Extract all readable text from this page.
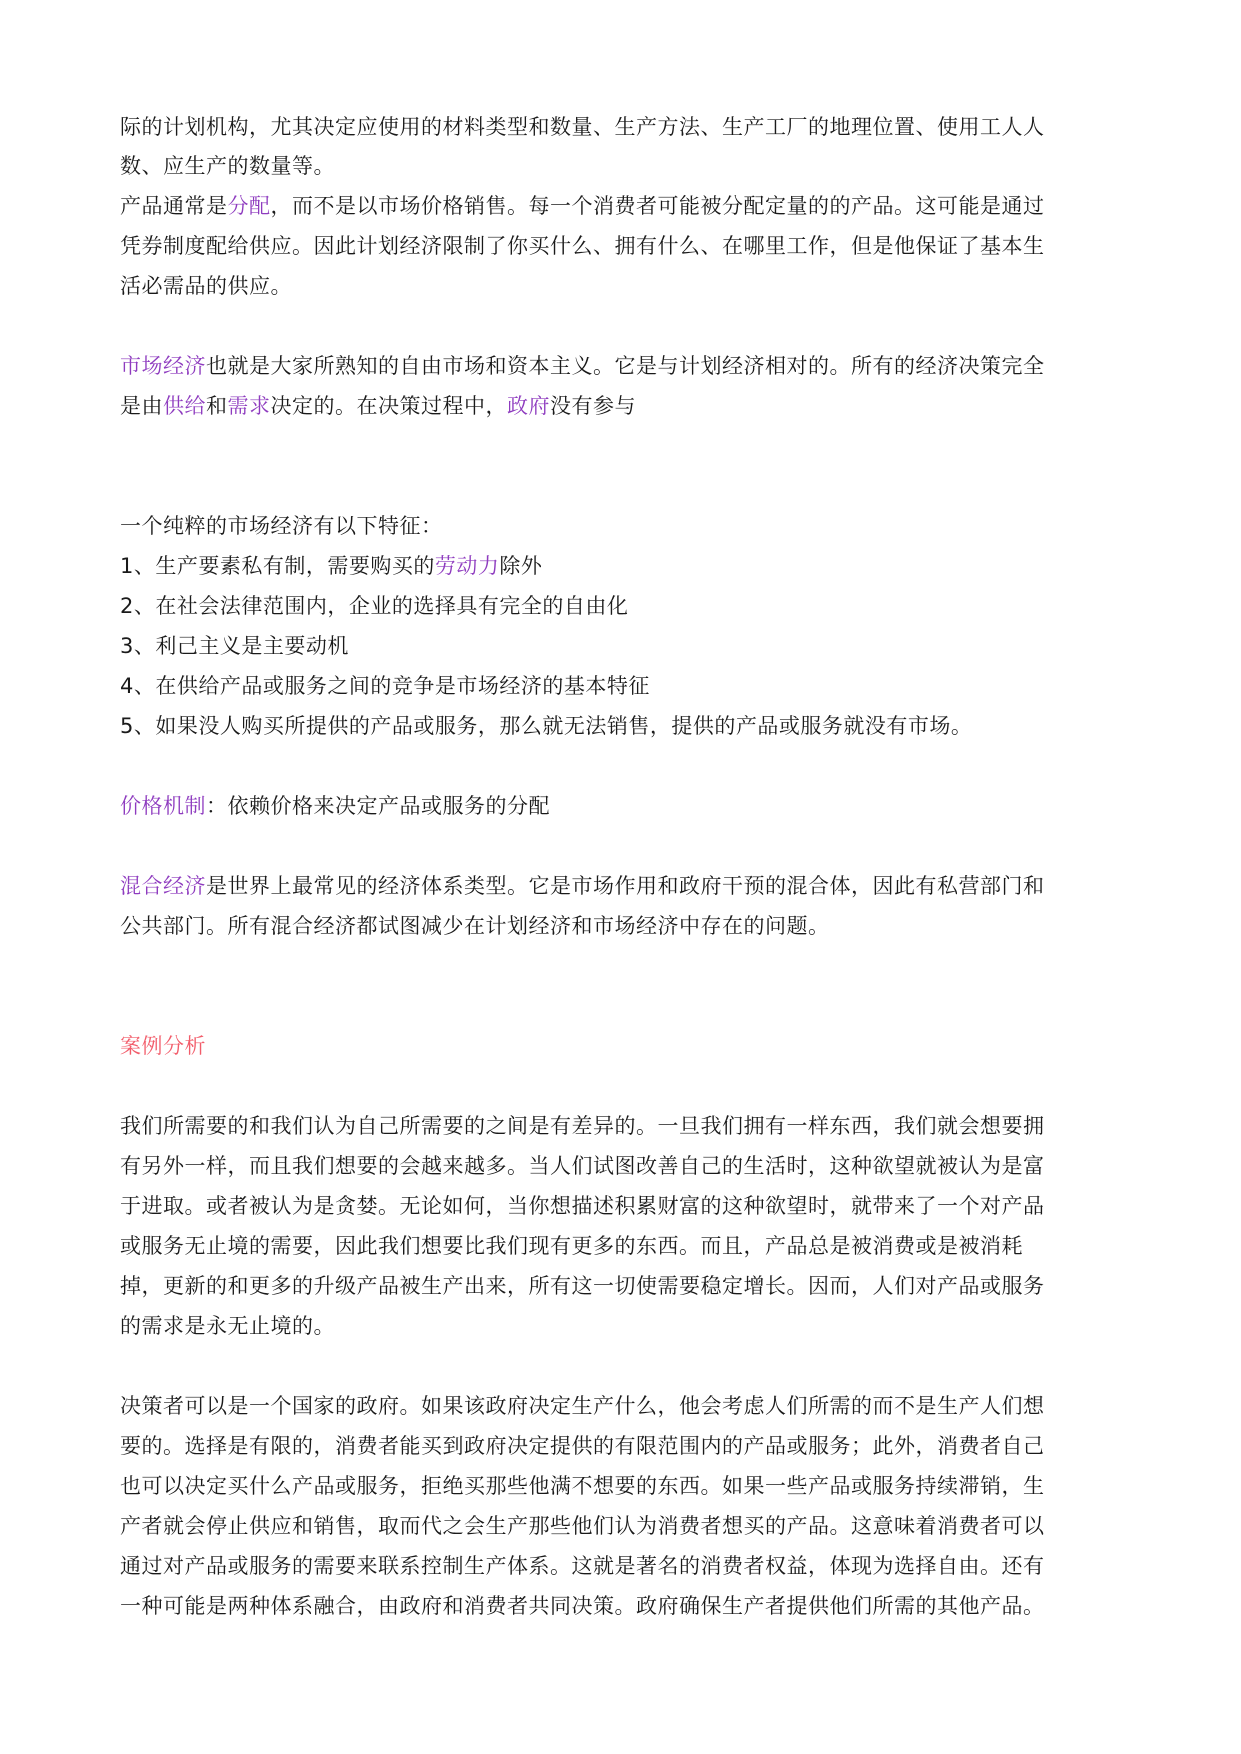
际的计划机构，尤其决定应使用的材料类型和数量、生产方法、生产工厂的地理位置、使用工人人
数、应生产的数量等。
产品通常是分配，而不是以市场价格销售。每一个消费者可能被分配定量的的产品。这可能是通过
凭券制度配给供应。因此计划经济限制了你买什么、拥有什么、在哪里工作，但是他保证了基本生
活必需品的供应。
市场经济也就是大家所熟知的自由市场和资本主义。它是与计划经济相对的。所有的经济决策完全
是由供给和需求决定的。在决策过程中，政府没有参与
一个纯粹的市场经济有以下特征：
1、生产要素私有制，需要购买的劳动力除外
2、在社会法律范围内，企业的选择具有完全的自由化
3、利己主义是主要动机
4、在供给产品或服务之间的竞争是市场经济的基本特征
5、如果没人购买所提供的产品或服务，那么就无法销售，提供的产品或服务就没有市场。
价格机制：依赖价格来决定产品或服务的分配
混合经济是世界上最常见的经济体系类型。它是市场作用和政府干预的混合体，因此有私营部门和
公共部门。所有混合经济都试图减少在计划经济和市场经济中存在的问题。
案例分析
我们所需要的和我们认为自己所需要的之间是有差异的。一旦我们拥有一样东西，我们就会想要拥
有另外一样，而且我们想要的会越来越多。当人们试图改善自己的生活时，这种欲望就被认为是富
于进取。或者被认为是贪婪。无论如何，当你想描述积累财富的这种欲望时，就带来了一个对产品
或服务无止境的需要，因此我们想要比我们现有更多的东西。而且，产品总是被消费或是被消耗
掉，更新的和更多的升级产品被生产出来，所有这一切使需要稳定增长。因而，人们对产品或服务
的需求是永无止境的。
决策者可以是一个国家的政府。如果该政府决定生产什么，他会考虑人们所需的而不是生产人们想
要的。选择是有限的，消费者能买到政府决定提供的有限范围内的产品或服务；此外，消费者自己
也可以决定买什么产品或服务，拒绝买那些他满不想要的东西。如果一些产品或服务持续滞销，生
产者就会停止供应和销售，取而代之会生产那些他们认为消费者想买的产品。这意味着消费者可以
通过对产品或服务的需要来联系控制生产体系。这就是著名的消费者权益，体现为选择自由。还有
一种可能是两种体系融合，由政府和消费者共同决策。政府确保生产者提供他们所需的其他产品。
